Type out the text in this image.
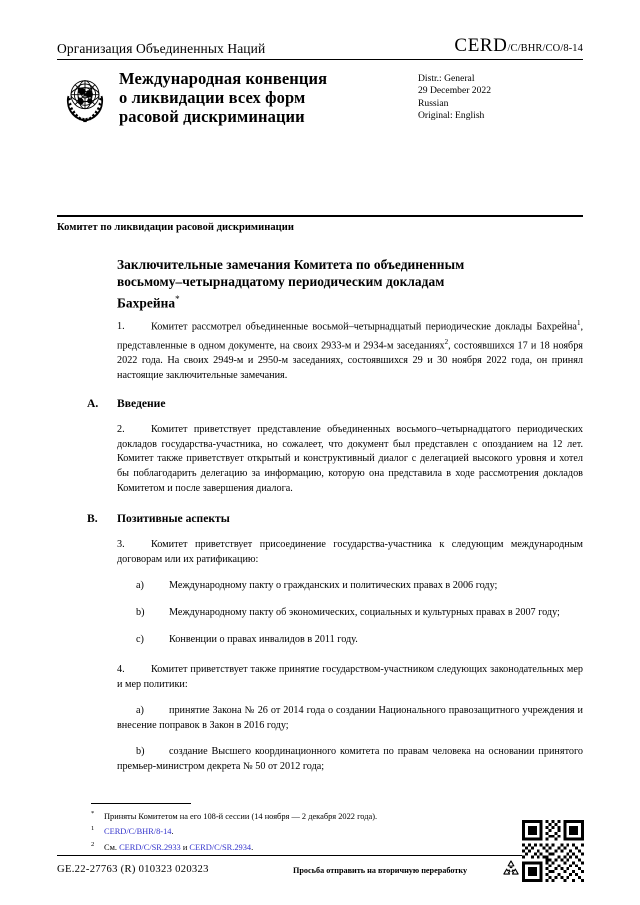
Организация Объединенных Наций	CERD/C/BHR/CO/8-14
Международная конвенция
о ликвидации всех форм
расовой дискриминации
Distr.: General
29 December 2022
Russian
Original: English
Комитет по ликвидации расовой дискриминации
Заключительные замечания Комитета по объединенным
восьмому–четырнадцатому периодическим докладам
Бахрейна*

1.	Комитет рассмотрел объединенные восьмой–четырнадцатый периодические доклады Бахрейна$^1$, представленные в одном документе, на своих 2933-м и 2934-м заседаниях$^2$, состоявшихся 17 и 18 ноября 2022 года. На своих 2949-м и 2950-м заседаниях, состоявшихся 29 и 30 ноября 2022 года, он принял настоящие заключительные замечания.

A.	Введение

2.	Комитет приветствует представление объединенных восьмого–четырнадцатого периодических докладов государства-участника, но сожалеет, что документ был представлен с опозданием на 12 лет. Комитет также приветствует открытый и конструктивный диалог с делегацией высокого уровня и хотел бы поблагодарить делегацию за информацию, которую она представила в ходе рассмотрения докладов Комитетом и после завершения диалога.

B.	Позитивные аспекты

3.	Комитет приветствует присоединение государства-участника к следующим международным договорам или их ратификацию:

a) Международному пакту о гражданских и политических правах в 2006 году;

b) Международному пакту об экономических, социальных и культурных правах в 2007 году;

c) Конвенции о правах инвалидов в 2011 году.

4.	Комитет приветствует также принятие государством-участником следующих законодательных мер и мер политики:

a) принятие Закона № 26 от 2014 года о создании Национального правозащитного учреждения и внесение поправок в Закон в 2016 году;

b) создание Высшего координационного комитета по правам человека на основании принятого премьер-министром декрета № 50 от 2012 года;

* Приняты Комитетом на его 108-й сессии (14 ноября — 2 декабря 2022 года).

1 CERD/C/BHR/8-14.

2 См. CERD/C/SR.2933 и CERD/C/SR.2934.

GE.22-27763 (R) 010323 020323	Просьба отправить на вторичную переработку
